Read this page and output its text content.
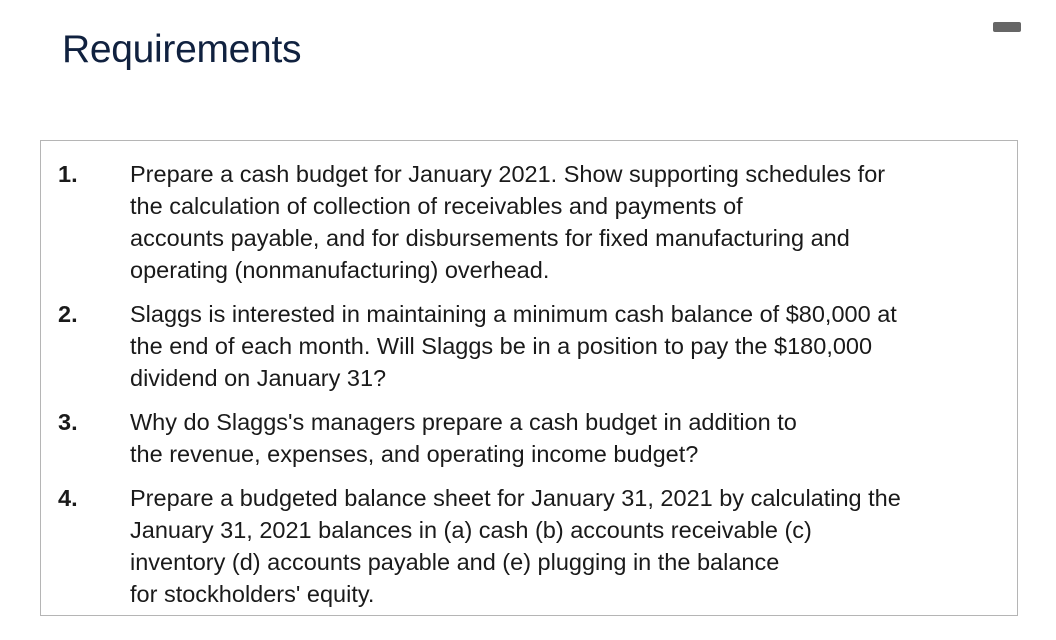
Requirements
1. Prepare a cash budget for January 2021. Show supporting schedules for
the calculation of collection of receivables and payments of
accounts payable, and for disbursements for fixed manufacturing and
operating (nonmanufacturing) overhead.
2. Slaggs is interested in maintaining a minimum cash balance of $80,000 at
the end of each month. Will Slaggs be in a position to pay the $180,000
dividend on January 31?
3. Why do Slaggs's managers prepare a cash budget in addition to
the revenue, expenses, and operating income budget?
4. Prepare a budgeted balance sheet for January 31, 2021 by calculating the
January 31, 2021 balances in (a) cash (b) accounts receivable (c)
inventory (d) accounts payable and (e) plugging in the balance
for stockholders' equity.
